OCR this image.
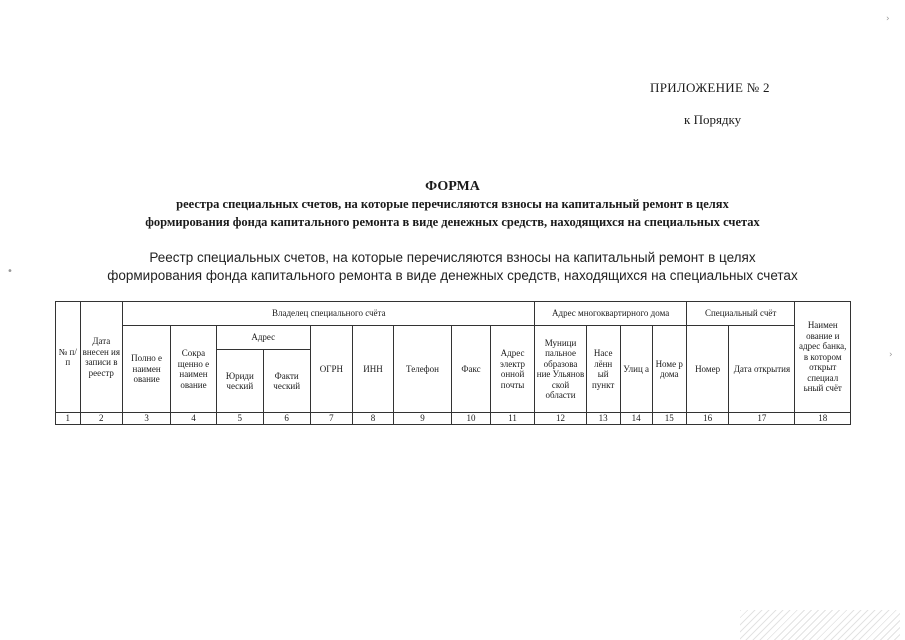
›
•
›
ПРИЛОЖЕНИЕ № 2
к Порядку
ФОРМА
реестра специальных счетов, на которые перечисляются взносы на капитальный ремонт в целях
формирования фонда капитального ремонта в виде денежных средств, находящихся на специальных счетах
Реестр специальных счетов, на которые перечисляются взносы на капитальный ремонт в целях
формирования фонда капитального ремонта в виде денежных средств, находящихся на специальных счетах
№ п/п	Дата внесен ия записи в реестр	Владелец специального счёта									Адрес многоквартирного дома				Специальный счёт		Наимен ование и адрес банка, в котором открыт специал ьный счёт
		Полно е наимен ование	Сокра щенно е наимен ование	Адрес		ОГРН	ИНН	Телефон	Факс	Адрес электр онной почты	Муници пальное образова ние Ульянов ской области	Насе лённ ый пункт	Улиц а	Номе р дома	Номер	Дата открытия	
				Юриди ческий	Факти ческий												
1	2	3	4	5	6	7	8	9	10	11	12	13	14	15	16	17	18
